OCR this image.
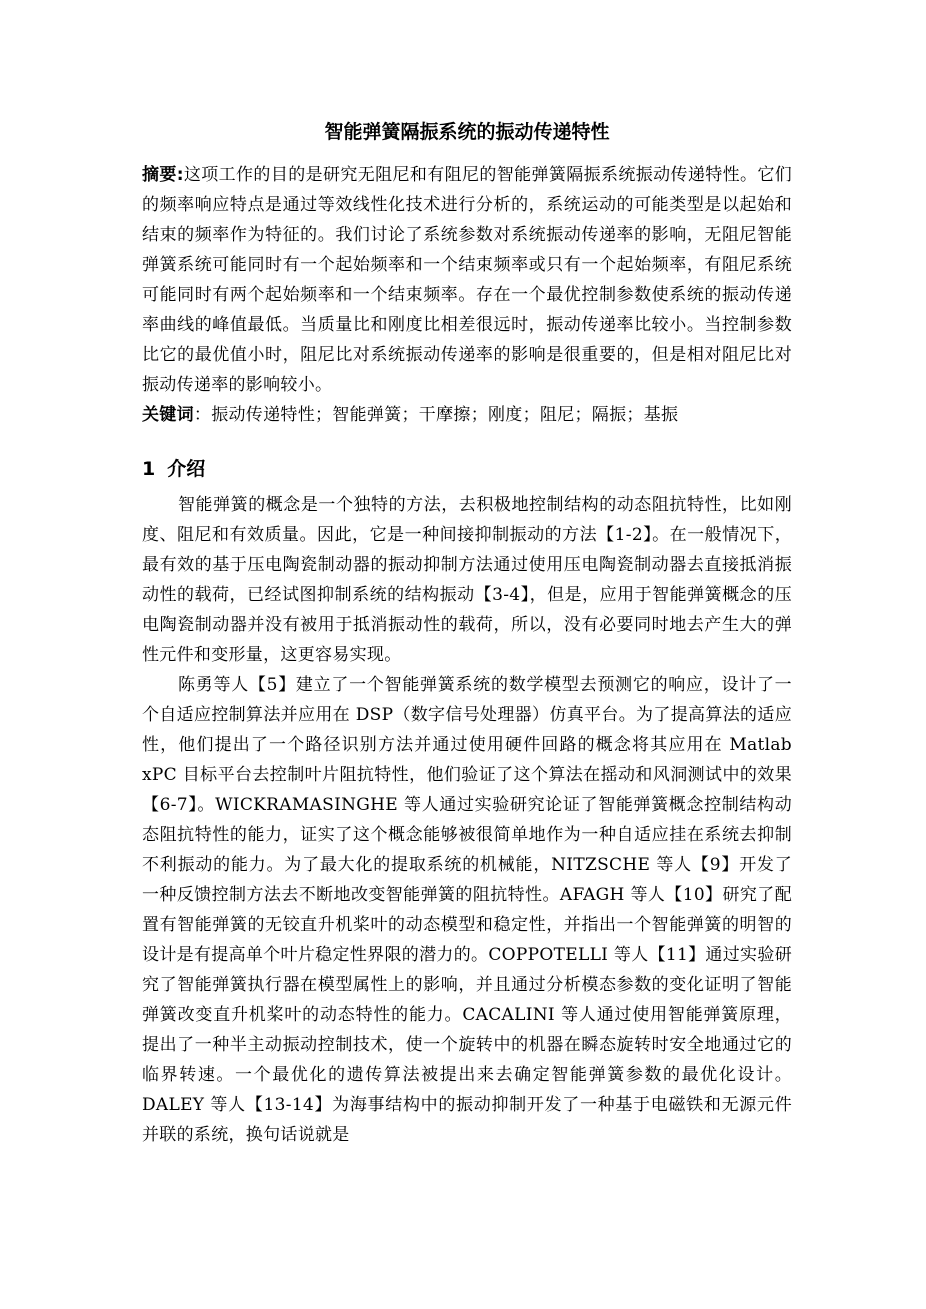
智能弹簧隔振系统的振动传递特性

摘要:这项工作的目的是研究无阻尼和有阻尼的智能弹簧隔振系统振动传递特性。它们的频率响应特点是通过等效线性化技术进行分析的，系统运动的可能类型是以起始和结束的频率作为特征的。我们讨论了系统参数对系统振动传递率的影响，无阻尼智能弹簧系统可能同时有一个起始频率和一个结束频率或只有一个起始频率，有阻尼系统可能同时有两个起始频率和一个结束频率。存在一个最优控制参数使系统的振动传递率曲线的峰值最低。当质量比和刚度比相差很远时，振动传递率比较小。当控制参数比它的最优值小时，阻尼比对系统振动传递率的影响是很重要的，但是相对阻尼比对振动传递率的影响较小。

关键词：振动传递特性；智能弹簧；干摩擦；刚度；阻尼；隔振；基振

1 介绍

智能弹簧的概念是一个独特的方法，去积极地控制结构的动态阻抗特性，比如刚度、阻尼和有效质量。因此，它是一种间接抑制振动的方法【1-2】。在一般情况下，最有效的基于压电陶瓷制动器的振动抑制方法通过使用压电陶瓷制动器去直接抵消振动性的载荷，已经试图抑制系统的结构振动【3-4】，但是，应用于智能弹簧概念的压电陶瓷制动器并没有被用于抵消振动性的载荷，所以，没有必要同时地去产生大的弹性元件和变形量，这更容易实现。

陈勇等人【5】建立了一个智能弹簧系统的数学模型去预测它的响应，设计了一个自适应控制算法并应用在 DSP（数字信号处理器）仿真平台。为了提高算法的适应性，他们提出了一个路径识别方法并通过使用硬件回路的概念将其应用在 Matlab xPC 目标平台去控制叶片阻抗特性，他们验证了这个算法在摇动和风洞测试中的效果【6-7】。WICKRAMASINGHE 等人通过实验研究论证了智能弹簧概念控制结构动态阻抗特性的能力，证实了这个概念能够被很简单地作为一种自适应挂在系统去抑制不利振动的能力。为了最大化的提取系统的机械能，NITZSCHE 等人【9】开发了一种反馈控制方法去不断地改变智能弹簧的阻抗特性。AFAGH 等人【10】研究了配置有智能弹簧的无铰直升机桨叶的动态模型和稳定性，并指出一个智能弹簧的明智的设计是有提高单个叶片稳定性界限的潜力的。COPPOTELLI 等人【11】通过实验研究了智能弹簧执行器在模型属性上的影响，并且通过分析模态参数的变化证明了智能弹簧改变直升机桨叶的动态特性的能力。CACALINI 等人通过使用智能弹簧原理，提出了一种半主动振动控制技术，使一个旋转中的机器在瞬态旋转时安全地通过它的临界转速。一个最优化的遗传算法被提出来去确定智能弹簧参数的最优化设计。DALEY 等人【13-14】为海事结构中的振动抑制开发了一种基于电磁铁和无源元件并联的系统，换句话说就是
